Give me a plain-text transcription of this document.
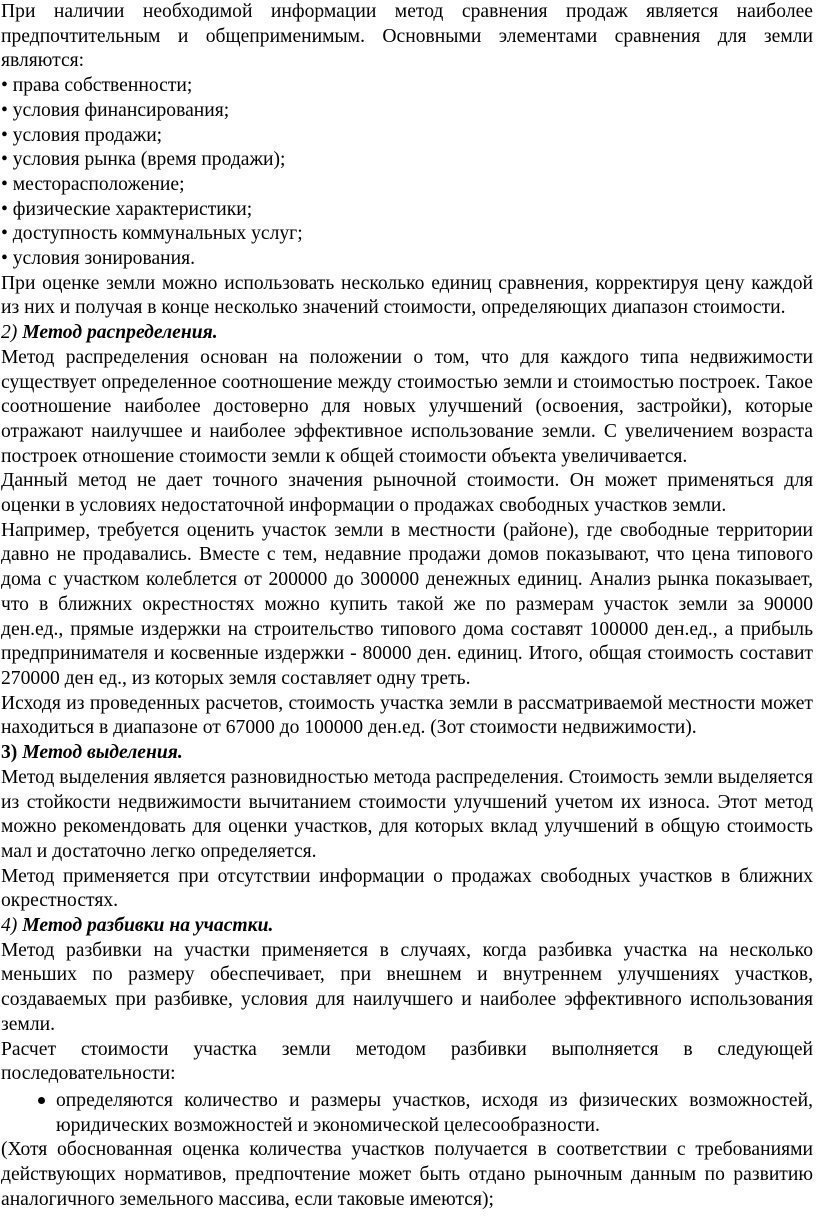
При наличии необходимой информации метод сравнения продаж является наиболее предпочтительным и общеприменимым. Основными элементами сравнения для земли являются:

• права собственности;
• условия финансирования;
• условия продажи;
• условия рынка (время продажи);
• месторасположение;
• физические характеристики;
• доступность коммунальных услуг;
• условия зонирования.

При оценке земли можно использовать несколько единиц сравнения, корректируя цену каждой из них и получая в конце несколько значений стоимости, определяющих диапазон стоимости.

2) Метод распределения.

Метод распределения основан на положении о том, что для каждого типа недвижимости существует определенное соотношение между стоимостью земли и стоимостью построек. Такое соотношение наиболее достоверно для новых улучшений (освоения, застройки), которые отражают наилучшее и наиболее эффективное использование земли. С увеличением возраста построек отношение стоимости земли к общей стоимости объекта увеличивается.

Данный метод не дает точного значения рыночной стоимости. Он может применяться для оценки в условиях недостаточной информации о продажах свободных участков земли.

Например, требуется оценить участок земли в местности (районе), где свободные территории давно не продавались. Вместе с тем, недавние продажи домов показывают, что цена типового дома с участком колеблется от 200000 до 300000 денежных единиц. Анализ рынка показывает, что в ближних окрестностях можно купить такой же по размерам участок земли за 90000 ден.ед., прямые издержки на строительство типового дома составят 100000 ден.ед., а прибыль предпринимателя и косвенные издержки - 80000 ден. единиц. Итого, общая стоимость составит 270000 ден ед., из которых земля составляет одну треть.

Исходя из проведенных расчетов, стоимость участка земли в рассматриваемой местности может находиться в диапазоне от 67000 до 100000 ден.ед. (Зот стоимости недвижимости).

3) Метод выделения.

Метод выделения является разновидностью метода распределения. Стоимость земли выделяется из стойкости недвижимости вычитанием стоимости улучшений учетом их износа. Этот метод можно рекомендовать для оценки участков, для которых вклад улучшений в общую стоимость мал и достаточно легко определяется.

Метод применяется при отсутствии информации о продажах свободных участков в ближних окрестностях.

4) Метод разбивки на участки.

Метод разбивки на участки применяется в случаях, когда разбивка участка на несколько меньших по размеру обеспечивает, при внешнем и внутреннем улучшениях участков, создаваемых при разбивке, условия для наилучшего и наиболее эффективного использования земли.

Расчет стоимости участка земли методом разбивки выполняется в следующей последовательности:

определяются количество и размеры участков, исходя из физических возможностей, юридических возможностей и экономической целесообразности.

(Хотя обоснованная оценка количества участков получается в соответствии с требованиями действующих нормативов, предпочтение может быть отдано рыночным данным по развитию аналогичного земельного массива, если таковые имеются);
